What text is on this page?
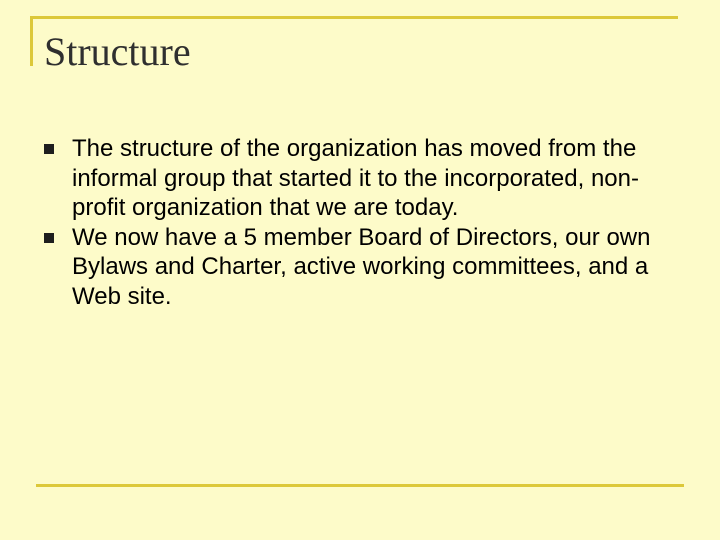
Structure
The structure of the organization has moved from the informal group that started it to the incorporated, non-profit organization that we are today.
We now have a 5 member Board of Directors, our own Bylaws and Charter, active working committees, and a Web site.
